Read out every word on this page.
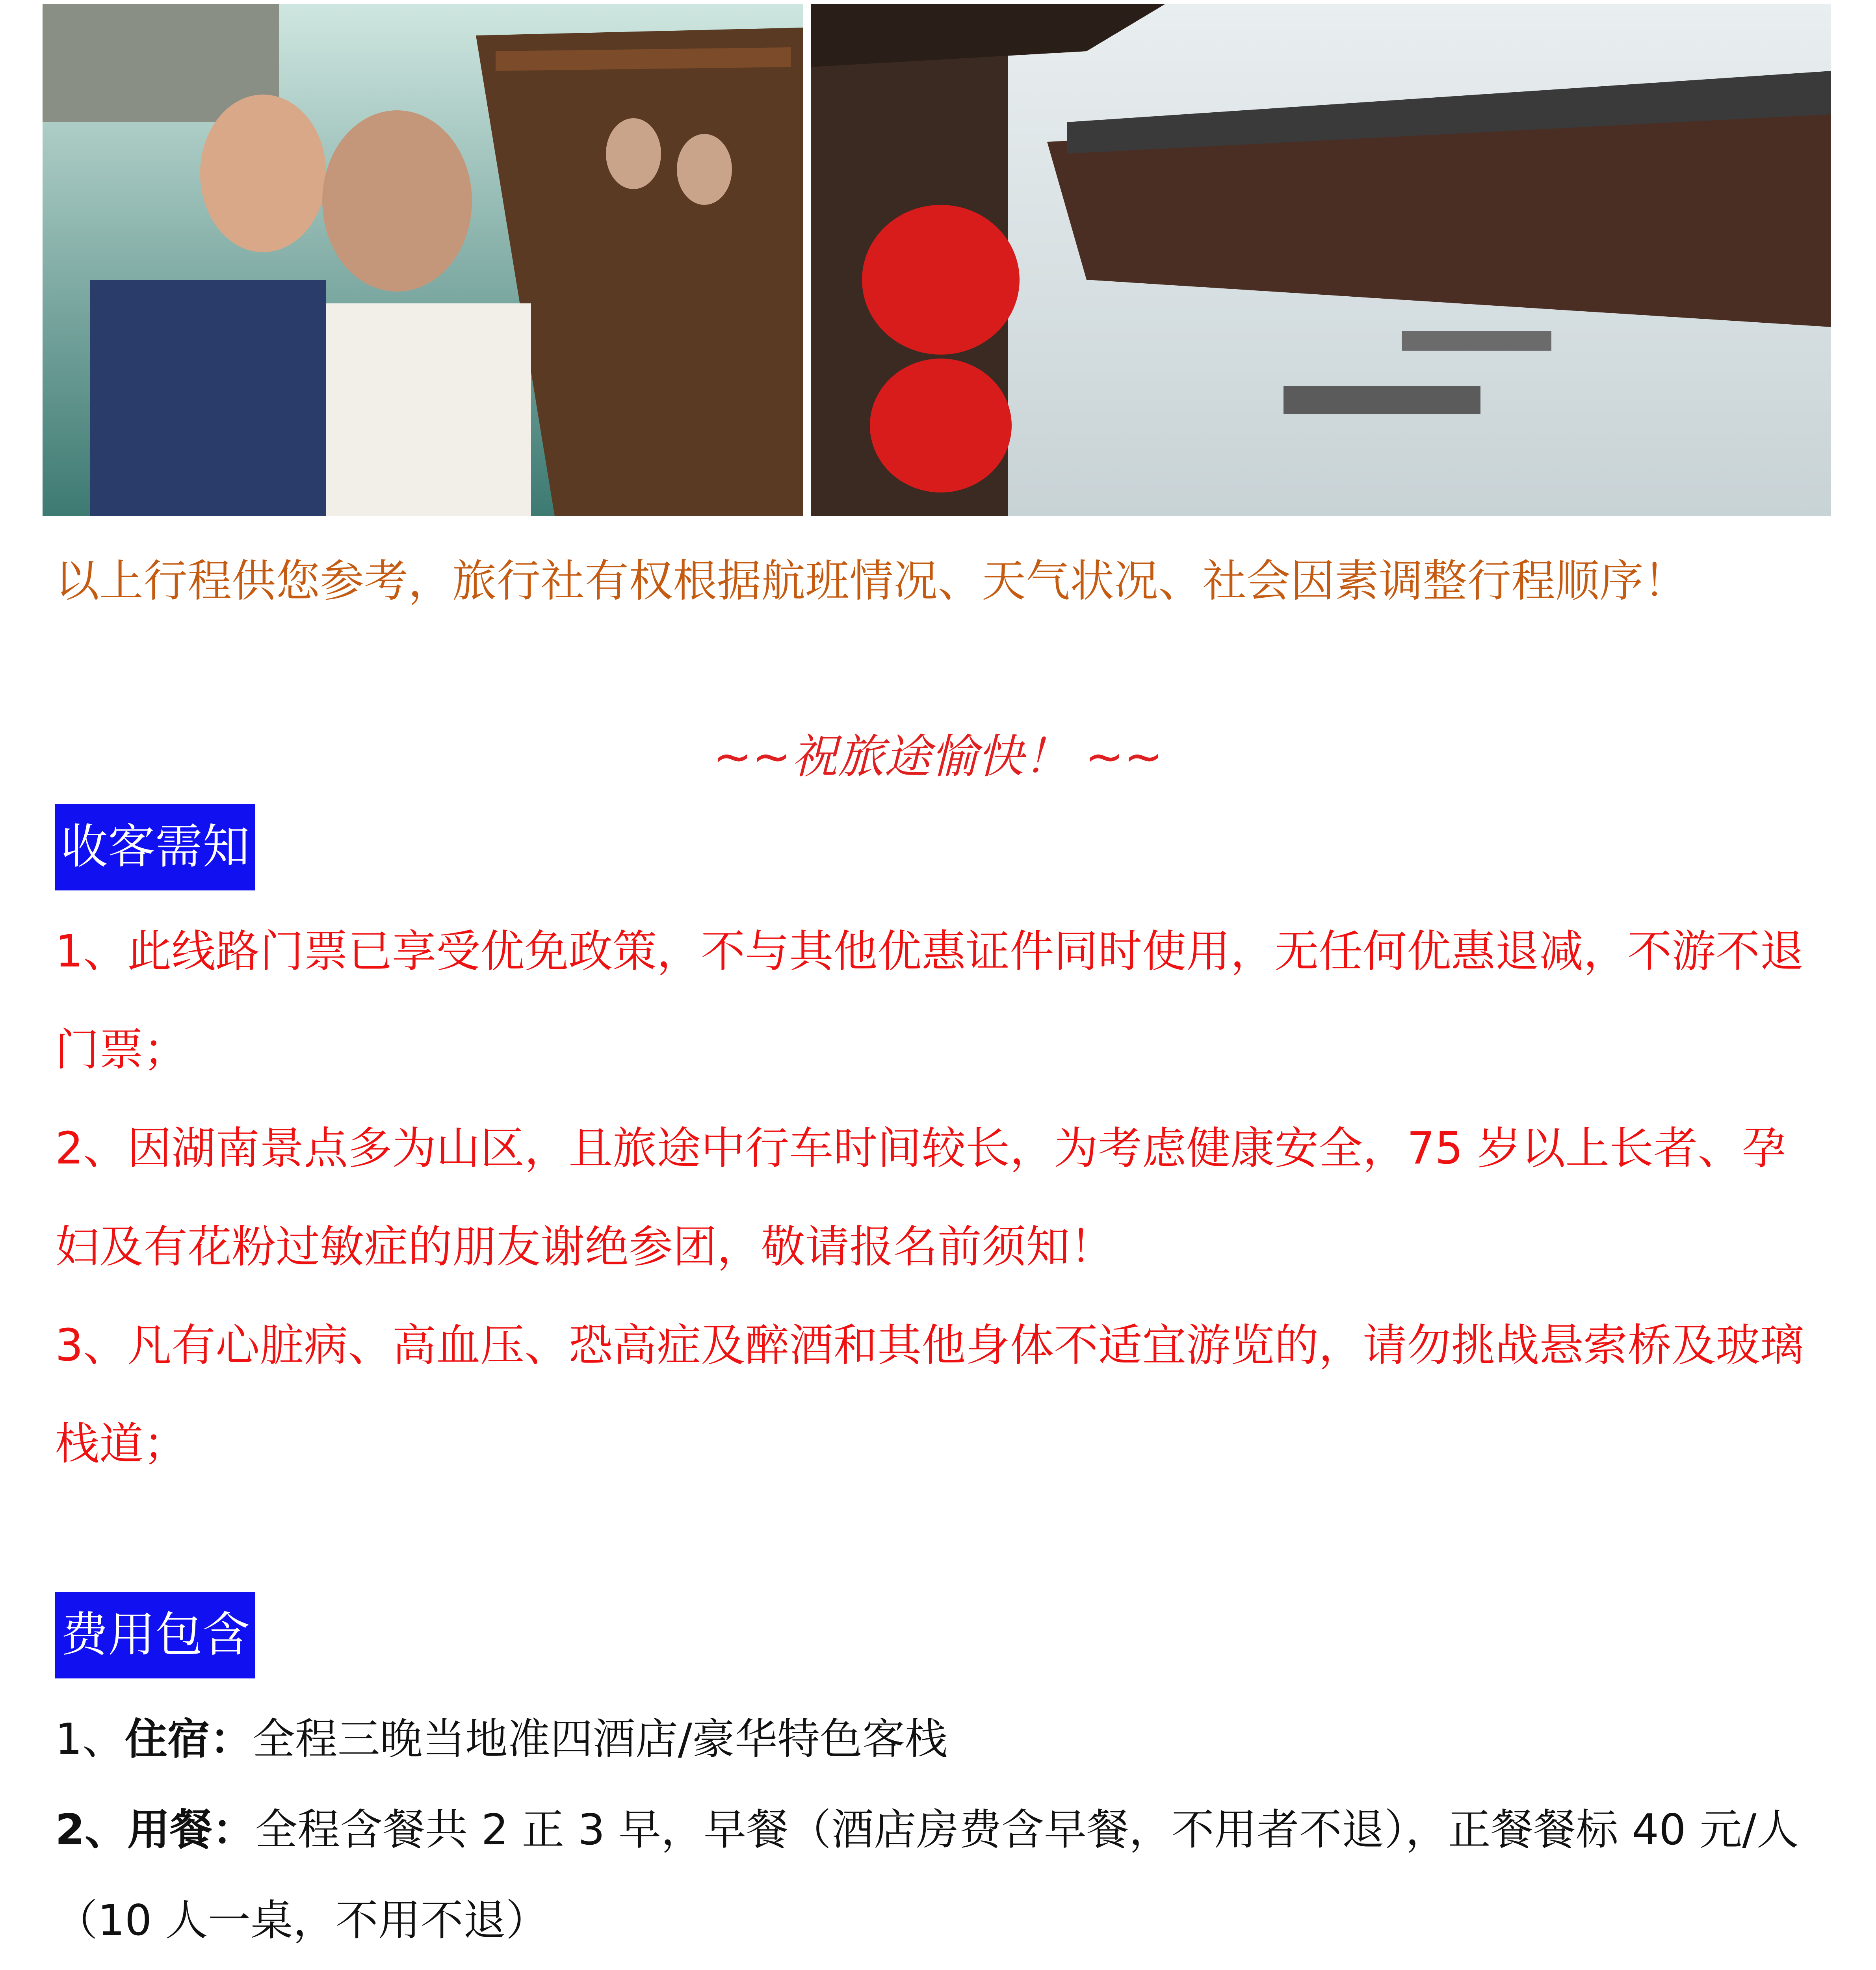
以上行程供您参考，旅行社有权根据航班情况、天气状况、社会因素调整行程顺序！

~~祝旅途愉快！ ~~

收客需知
1、此线路门票已享受优免政策，不与其他优惠证件同时使用，无任何优惠退减，不游不退门票；
2、因湖南景点多为山区，且旅途中行车时间较长，为考虑健康安全，75 岁以上长者、孕妇及有花粉过敏症的朋友谢绝参团，敬请报名前须知！
3、凡有心脏病、高血压、恐高症及醉酒和其他身体不适宜游览的，请勿挑战悬索桥及玻璃栈道；
费用包含
1、住宿：全程三晚当地准四酒店/豪华特色客栈
2、用餐：全程含餐共 2 正 3 早，早餐（酒店房费含早餐，不用者不退），正餐餐标 40 元/人（10 人一桌，不用不退）
